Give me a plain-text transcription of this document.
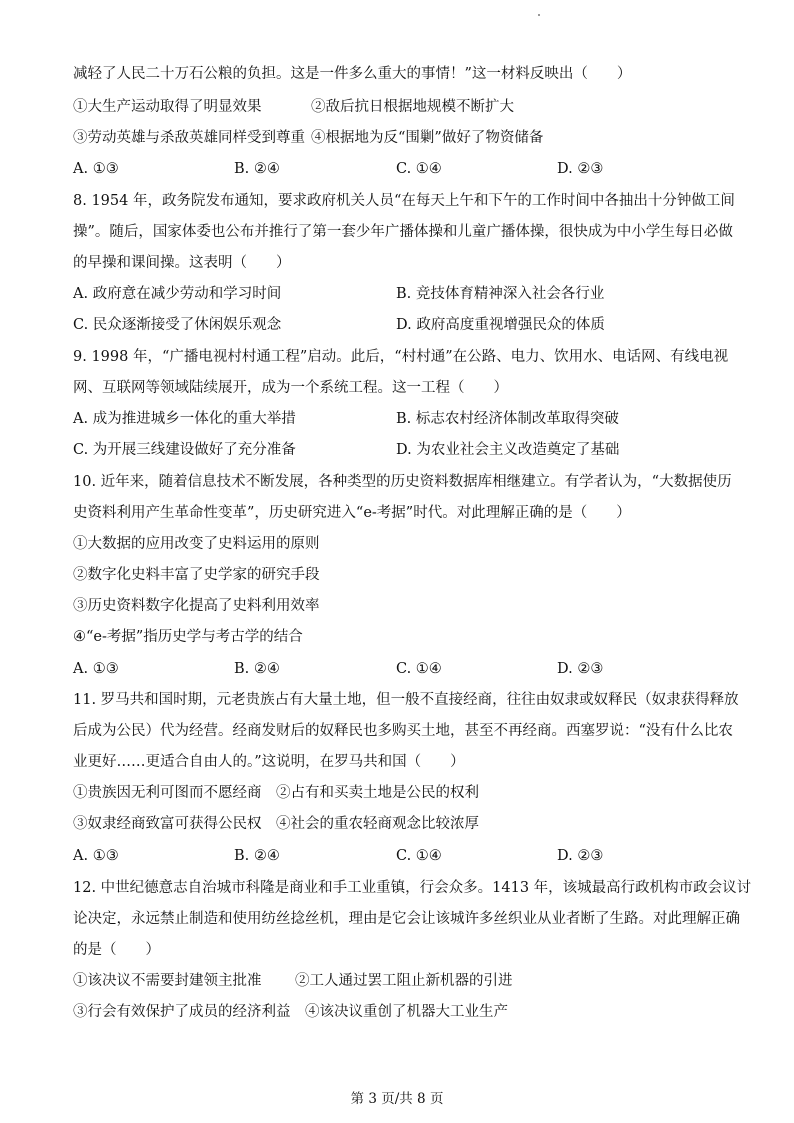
减轻了人民二十万石公粮的负担。这是一件多么重大的事情！”这一材料反映出（　　）
①大生产运动取得了明显效果	②敌后抗日根据地规模不断扩大
③劳动英雄与杀敌英雄同样受到尊重 ④根据地为反“围剿”做好了物资储备
A. ①③	B. ②④	C. ①④	D. ②③
8. 1954 年，政务院发布通知，要求政府机关人员“在每天上午和下午的工作时间中各抽出十分钟做工间
操”。随后，国家体委也公布并推行了第一套少年广播体操和儿童广播体操，很快成为中小学生每日必做
的早操和课间操。这表明（　　）
A. 政府意在减少劳动和学习时间	B. 竞技体育精神深入社会各行业
C. 民众逐渐接受了休闲娱乐观念	D. 政府高度重视增强民众的体质
9. 1998 年，“广播电视村村通工程”启动。此后，“村村通”在公路、电力、饮用水、电话网、有线电视
网、互联网等领域陆续展开，成为一个系统工程。这一工程（　　）
A. 成为推进城乡一体化的重大举措	B. 标志农村经济体制改革取得突破
C. 为开展三线建设做好了充分准备	D. 为农业社会主义改造奠定了基础
10. 近年来，随着信息技术不断发展，各种类型的历史资料数据库相继建立。有学者认为，“大数据使历
史资料利用产生革命性变革”，历史研究进入“e-考据”时代。对此理解正确的是（　　）
①大数据的应用改变了史料运用的原则
②数字化史料丰富了史学家的研究手段
③历史资料数字化提高了史料利用效率
④“e-考据”指历史学与考古学的结合
A. ①③	B. ②④	C. ①④	D. ②③
11. 罗马共和国时期，元老贵族占有大量土地，但一般不直接经商，往往由奴隶或奴释民（奴隶获得释放
后成为公民）代为经营。经商发财后的奴释民也多购买土地，甚至不再经商。西塞罗说：“没有什么比农
业更好……更适合自由人的。”这说明，在罗马共和国（　　）
①贵族因无利可图而不愿经商　②占有和买卖土地是公民的权利
③奴隶经商致富可获得公民权　④社会的重农轻商观念比较浓厚
A. ①③	B. ②④	C. ①④	D. ②③
12. 中世纪德意志自治城市科隆是商业和手工业重镇，行会众多。1413 年，该城最高行政机构市政会议讨
论决定，永远禁止制造和使用纺丝捻丝机，理由是它会让该城许多丝织业从业者断了生路。对此理解正确
的是（　　）
①该决议不需要封建领主批准 ②工人通过罢工阻止新机器的引进
③行会有效保护了成员的经济利益　④该决议重创了机器大工业生产
第 3 页/共 8 页
